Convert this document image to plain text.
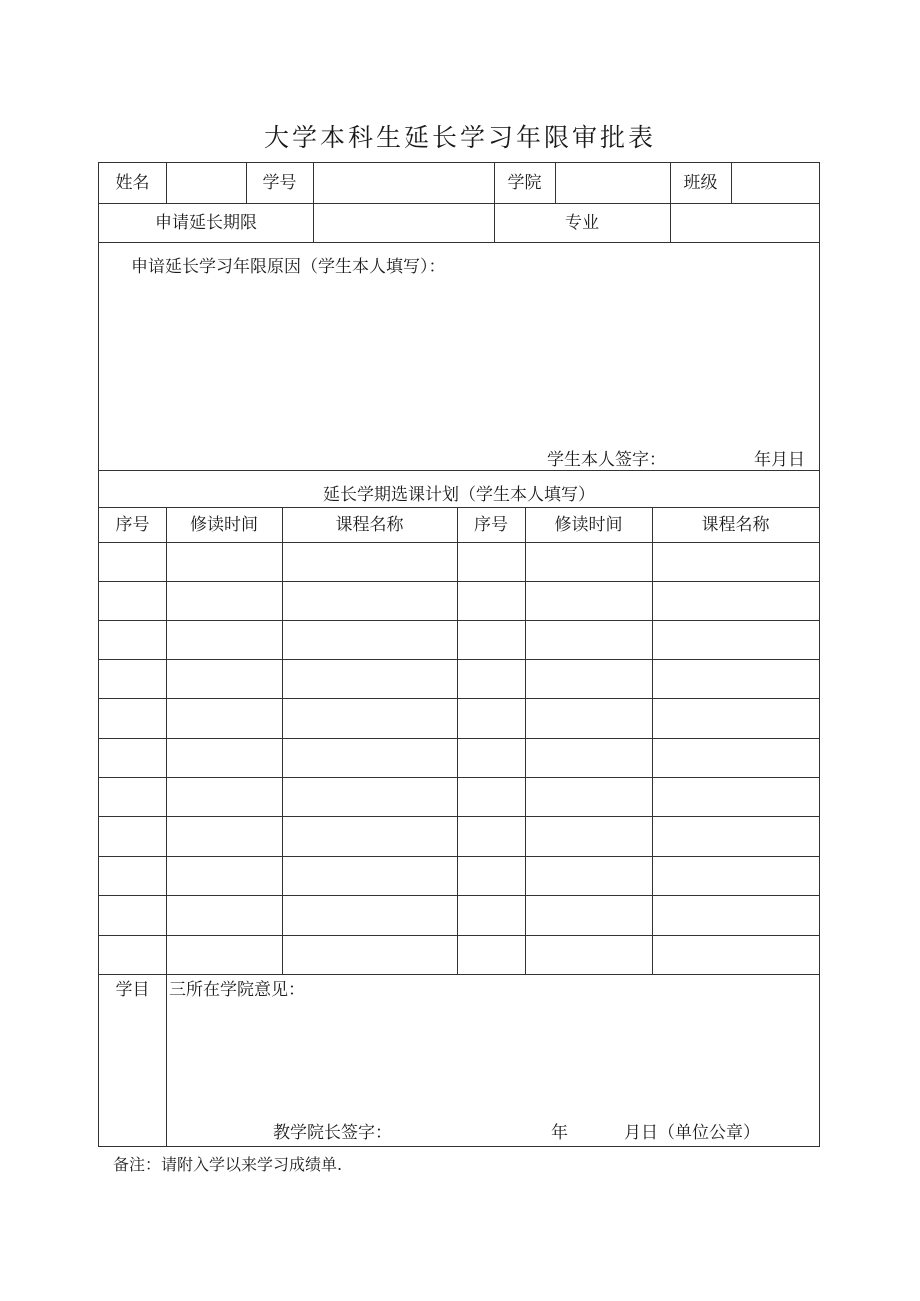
大学本科生延长学习年限审批表
姓名	学号	学院	班级
申请延长期限	专业
申谙延长学习年限原因（学生本人填写）：
学生本人签字：	年月日
延长学期选课计划（学生本人填写）
序号	修读时间	课程名称	序号	修读时间	课程名称
学目	三所在学院意见：
教学院长签字：	年	月日（单位公章）
备注：请附入学以来学习成绩单.
